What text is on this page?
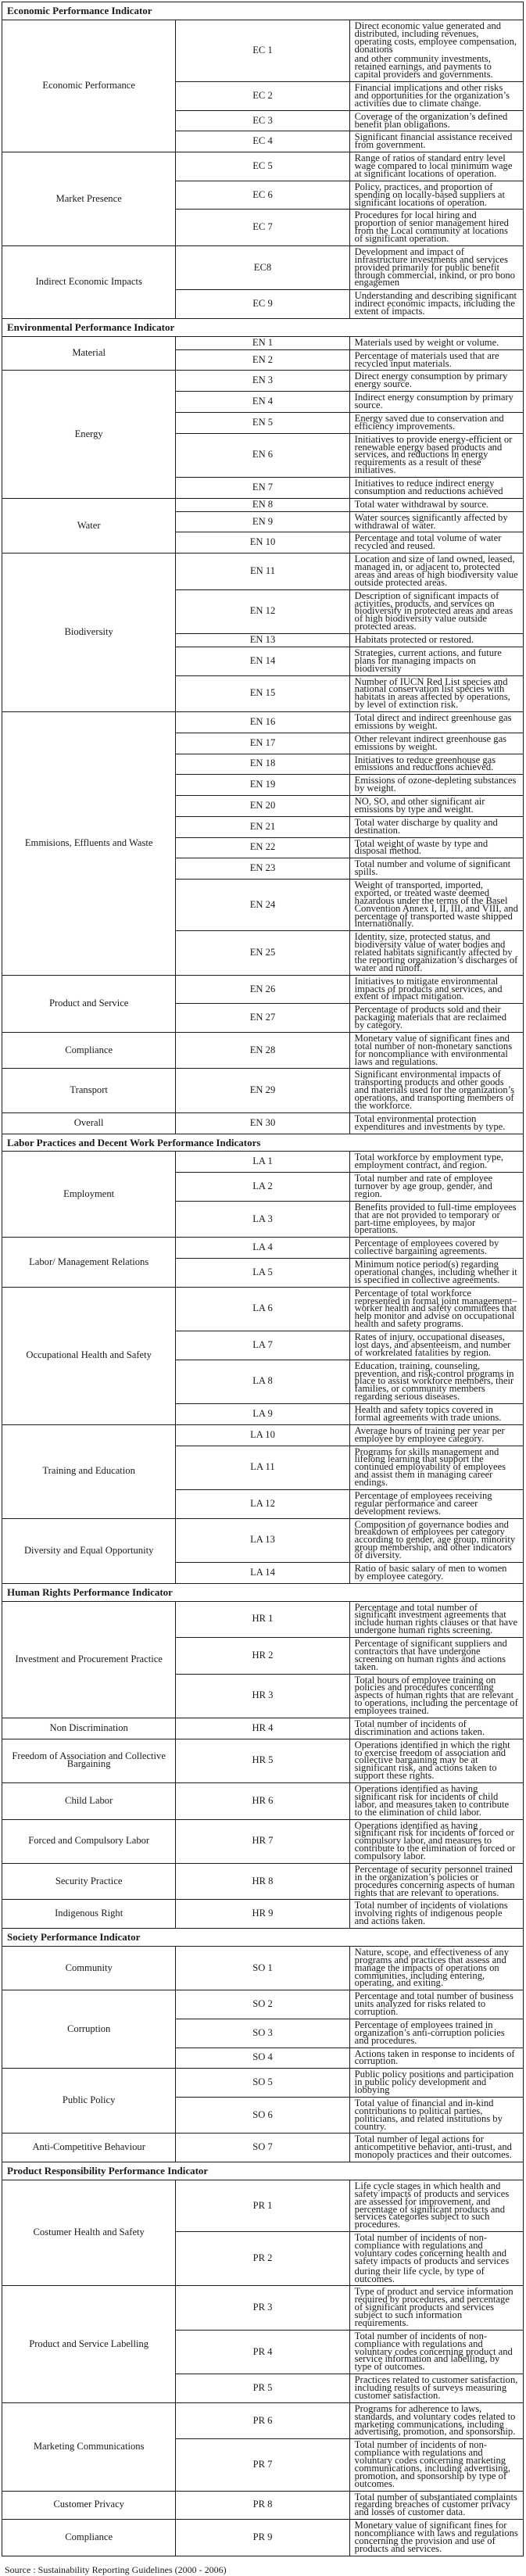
Economic Performance Indicator		
Economic Performance	EC 1	Direct economic value generated and distributed, including revenues, operating costs, employee compensation, donations
and other community investments, retained earnings, and payments to capital providers and governments.

	EC 2	Financial implications and other risks and opportunities for the organization’s activities due to climate change.

	EC 3	Coverage of the organization’s defined benefit plan obligations.

	EC 4	Significant financial assistance received from government.

Market Presence	EC 5	Range of ratios of standard entry level wage compared to local minimum wage at significant locations of operation.

	EC 6	Policy, practices, and proportion of spending on locally-based suppliers at significant locations of operation.

	EC 7	Procedures for local hiring and proportion of senior management hired from the Local community at locations of significant operation.

Indirect Economic Impacts	EC8	Development and impact of infrastructure investments and services provided primarily for public benefit through commercial, inkind, or pro bono engagemen

	EC 9	Understanding and describing significant indirect economic impacts, including the extent of impacts.

Environmental Performance Indicator		
Material	EN 1	Materials used by weight or volume.

	EN 2	Percentage of materials used that are recycled input materials.

Energy	EN 3	Direct energy consumption by primary energy source.

	EN 4	Indirect energy consumption by primary source.

	EN 5	Energy saved due to conservation and efficiency improvements.

	EN 6	Initiatives to provide energy-efficient or renewable energy based products and services, and reductions in energy requirements as a result of these initiatives.

	EN 7	Initiatives to reduce indirect energy consumption and reductions achieved

Water	EN 8	Total water withdrawal by source.

	EN 9	Water sources significantly affected by withdrawal of water.

	EN 10	Percentage and total volume of water recycled and reused.

Biodiversity	EN 11	Location and size of land owned, leased, managed in, or adjacent to, protected areas and areas of high biodiversity value outside protected areas.

	EN 12	Description of significant impacts of activities, products, and services on biodiversity in protected areas and areas of high biodiversity value outside protected areas.

	EN 13	Habitats protected or restored.

	EN 14	Strategies, current actions, and future plans for managing impacts on biodiversity

	EN 15	Number of IUCN Red List species and national conservation list species with habitats in areas affected by operations, by level of extinction risk.

Emmisions, Effluents and Waste	EN 16	Total direct and indirect greenhouse gas emissions by weight.

	EN 17	Other relevant indirect greenhouse gas emissions by weight.

	EN 18	Initiatives to reduce greenhouse gas emissions and reductions achieved.

	EN 19	Emissions of ozone-depleting substances by weight.

	EN 20	NO, SO, and other significant air emissions by type and weight.

	EN 21	Total water discharge by quality and destination.

	EN 22	Total weight of waste by type and disposal method.

	EN 23	Total number and volume of significant spills.

	EN 24	Weight of transported, imported, exported, or treated waste deemed hazardous under the terms of the Basel Convention Annex I, II, III, and VIII, and percentage of transported waste shipped internationally.

	EN 25	Identity, size, protected status, and biodiversity value of water bodies and related habitats significantly affected by the reporting organization’s discharges of water and runoff.

Product and Service	EN 26	Initiatives to mitigate environmental impacts of products and services, and extent of impact mitigation.

	EN 27	Percentage of products sold and their packaging materials that are reclaimed by category.

Compliance	EN 28	Monetary value of significant fines and total number of non-monetary sanctions for noncompliance with environmental laws and regulations.

Transport	EN 29	Significant environmental impacts of transporting products and other goods and materials used for the organization’s operations, and transporting members of the workforce.

Overall	EN 30	Total environmental protection expenditures and investments by type.

Labor Practices and Decent Work Performance Indicators		
Employment	LA 1	Total workforce by employment type, employment contract, and region.

	LA 2	Total number and rate of employee turnover by age group, gender, and region.

	LA 3	Benefits provided to full-time employees that are not provided to temporary or part-time employees, by major operations.

Labor/ Management Relations	LA 4	Percentage of employees covered by collective bargaining agreements.

	LA 5	Minimum notice period(s) regarding operational changes, including whether it is specified in collective agreements.

Occupational Health and Safety	LA 6	Percentage of total workforce represented in formal joint management–worker health and safety committees that help monitor and advise on occupational health and safety programs.

	LA 7	Rates of injury, occupational diseases, lost days, and absenteeism, and number of workrelated fatalities by region.

	LA 8	Education, training, counseling, prevention, and risk-control programs in place to assist workforce members, their families, or community members regarding serious diseases.

	LA 9	Health and safety topics covered in formal agreements with trade unions.

Training and Education	LA 10	Average hours of training per year per employee by employee category.

	LA 11	Programs for skills management and lifelong learning that support the continued employability of employees and assist them in managing career endings.

	LA 12	Percentage of employees receiving regular performance and career development reviews.

Diversity and Equal Opportunity	LA 13	Composition of governance bodies and breakdown of employees per category according to gender, age group, minority group membership, and other indicators of diversity.

	LA 14	Ratio of basic salary of men to women by employee category.

Human Rights Performance Indicator		
Investment and Procurement Practice	HR 1	Percentage and total number of significant investment agreements that include human rights clauses or that have undergone human rights screening.

	HR 2	Percentage of significant suppliers and contractors that have undergone screening on human rights and actions taken.

	HR 3	Total hours of employee training on policies and procedures concerning aspects of human rights that are relevant to operations, including the percentage of employees trained.

Non Discrimination	HR 4	Total number of incidents of discrimination and actions taken.

Freedom of Association and Collective Bargaining	HR 5	Operations identified in which the right to exercise freedom of association and collective bargaining may be at significant risk, and actions taken to support these rights.

Child Labor	HR 6	Operations identified as having significant risk for incidents of child labor, and measures taken to contribute to the elimination of child labor.

Forced and Compulsory Labor	HR 7	Operations identified as having significant risk for incidents of forced or compulsory labor, and measures to contribute to the elimination of forced or compulsory labor.

Security Practice	HR 8	Percentage of security personnel trained in the organization’s policies or procedures concerning aspects of human rights that are relevant to operations.

Indigenous Right	HR 9	Total number of incidents of violations involving rights of indigenous people and actions taken.

Society Performance Indicator		
Community	SO 1	Nature, scope, and effectiveness of any programs and practices that assess and manage the impacts of operations on communities, including entering, operating, and exiting.

Corruption	SO 2	Percentage and total number of business units analyzed for risks related to corruption.

	SO 3	Percentage of employees trained in organization’s anti-corruption policies and procedures.

	SO 4	Actions taken in response to incidents of corruption.

Public Policy	SO 5	Public policy positions and participation in public policy development and lobbying

	SO 6	Total value of financial and in-kind contributions to political parties, politicians, and related institutions by country.

Anti-Competitive Behaviour	SO 7	Total number of legal actions for anticompetitive behavior, anti-trust, and monopoly practices and their outcomes.

Product Responsibility Performance Indicator		
Costumer Health and Safety	PR 1	Life cycle stages in which health and safety impacts of products and services are assessed for improvement, and percentage of significant products and services categories subject to such procedures.

	PR 2	Total number of incidents of non-compliance with regulations and voluntary codes concerning health and safety impacts of products and services
during their life cycle, by type of outcomes.

Product and Service Labelling	PR 3	Type of product and service information required by procedures, and percentage of significant products and services subject to such information requirements.

	PR 4	Total number of incidents of non-compliance with regulations and voluntary codes concerning product and service information and labelling, by type of outcomes.

	PR 5	Practices related to customer satisfaction, including results of surveys measuring customer satisfaction.

Marketing Communications	PR 6	Programs for adherence to laws, standards, and voluntary codes related to marketing communications, including advertising, promotion, and sponsorship.

	PR 7	Total number of incidents of non-compliance with regulations and voluntary codes concerning marketing communications, including advertising, promotion, and sponsorship by type of outcomes.

Customer Privacy	PR 8	Total number of substantiated complaints regarding breaches of customer privacy and losses of customer data.

Compliance	PR 9	Monetary value of significant fines for noncompliance with laws and regulations concerning the provision and use of products and services.
Source : Sustainability Reporting Guidelines (2000 - 2006)
